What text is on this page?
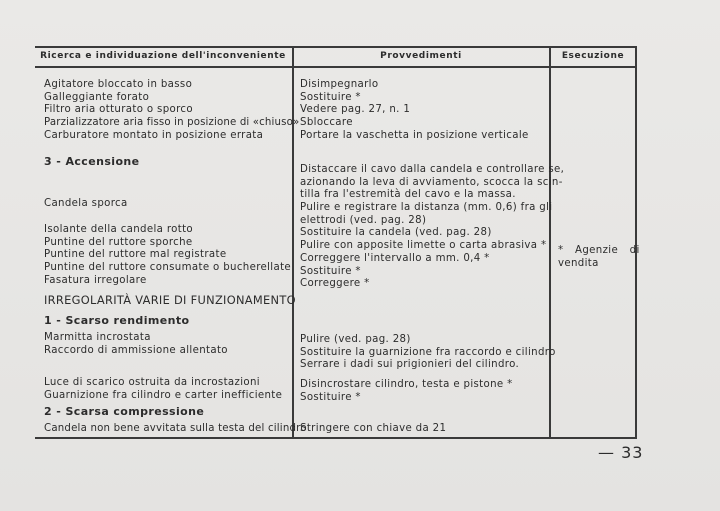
Ricerca e individuazione dell'inconveniente	Provvedimenti	Esecuzione
Agitatore bloccato in basso
Galleggiante forato
Filtro aria otturato o sporco
Parzializzatore aria fisso in posizione di «chiuso»
Carburatore montato in posizione errata
Disimpegnarlo
Sostituire *
Vedere pag. 27, n. 1
Sbloccare
Portare la vaschetta in posizione verticale
3 - Accensione
Candela sporca
Isolante della candela rotto
Puntine del ruttore sporche
Puntine del ruttore mal registrate
Puntine del ruttore consumate o bucherellate
Fasatura irregolare
Distaccare il cavo dalla candela e controllare se,
azionando la leva di avviamento, scocca la scin-
tilla fra l'estremità del cavo e la massa.
Pulire e registrare la distanza (mm. 0,6) fra gli
elettrodi (ved. pag. 28)
Sostituire la candela (ved. pag. 28)
Pulire con apposite limette o carta abrasiva *
Correggere l'intervallo a mm. 0,4 *
Sostituire *
Correggere *
IRREGOLARITÀ VARIE DI FUNZIONAMENTO
1 - Scarso rendimento
Marmitta incrostata
Raccordo di ammissione allentato
Pulire (ved. pag. 28)
Sostituire la guarnizione fra raccordo e cilindro
Serrare i dadi sui prigionieri del cilindro.
Luce di scarico ostruita da incrostazioni
Guarnizione fra cilindro e carter inefficiente
Disincrostare cilindro, testa e pistone *
Sostituire *
2 - Scarsa compressione
Candela non bene avvitata sulla testa del cilindro
Stringere con chiave da 21
* Agenzie di
vendita
— 33
